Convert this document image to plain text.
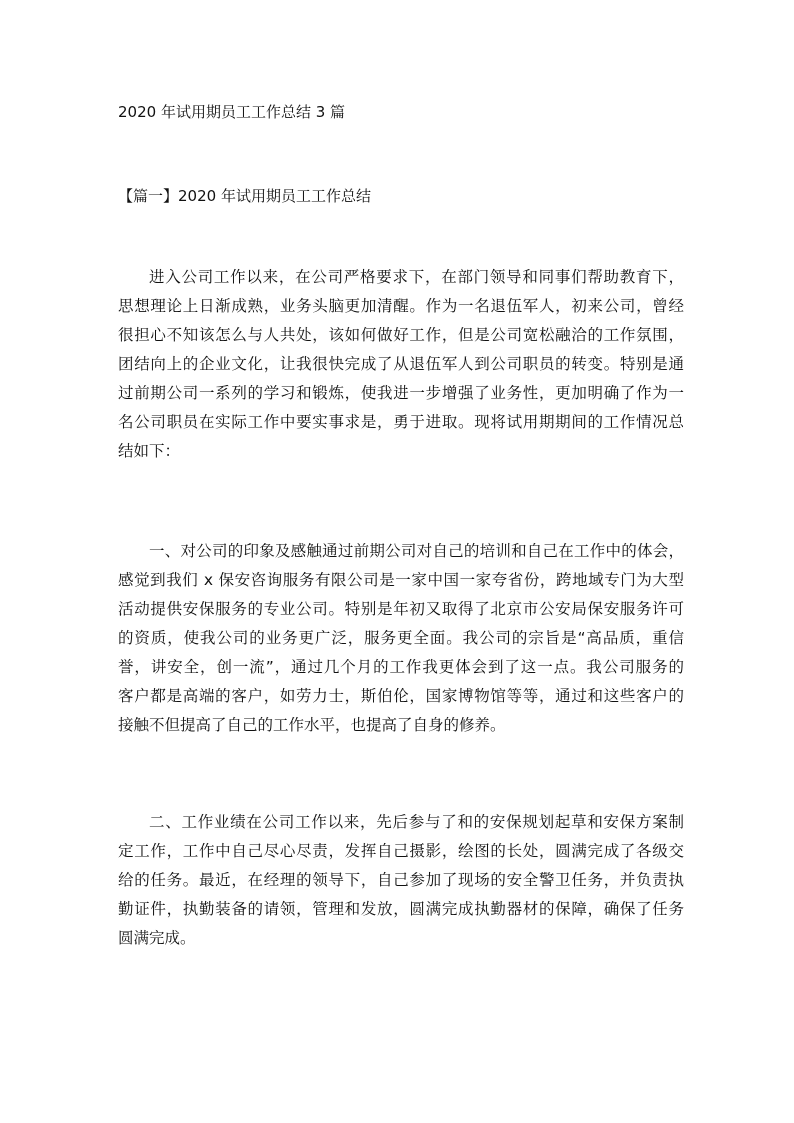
2020 年试用期员工工作总结 3 篇
【篇一】2020 年试用期员工工作总结
进入公司工作以来，在公司严格要求下，在部门领导和同事们帮助教育下，
思想理论上日渐成熟，业务头脑更加清醒。作为一名退伍军人，初来公司，曾经
很担心不知该怎么与人共处，该如何做好工作，但是公司宽松融洽的工作氛围，
团结向上的企业文化，让我很快完成了从退伍军人到公司职员的转变。特别是通
过前期公司一系列的学习和锻炼，使我进一步增强了业务性，更加明确了作为一
名公司职员在实际工作中要实事求是，勇于进取。现将试用期期间的工作情况总
结如下：
一、对公司的印象及感触通过前期公司对自己的培训和自己在工作中的体会，
感觉到我们 x 保安咨询服务有限公司是一家中国一家夸省份，跨地域专门为大型
活动提供安保服务的专业公司。特别是年初又取得了北京市公安局保安服务许可
的资质，使我公司的业务更广泛，服务更全面。我公司的宗旨是“高品质，重信
誉，讲安全，创一流”，通过几个月的工作我更体会到了这一点。我公司服务的
客户都是高端的客户，如劳力士，斯伯伦，国家博物馆等等，通过和这些客户的
接触不但提高了自己的工作水平，也提高了自身的修养。
二、工作业绩在公司工作以来，先后参与了和的安保规划起草和安保方案制
定工作，工作中自己尽心尽责，发挥自己摄影，绘图的长处，圆满完成了各级交
给的任务。最近，在经理的领导下，自己参加了现场的安全警卫任务，并负责执
勤证件，执勤装备的请领，管理和发放，圆满完成执勤器材的保障，确保了任务
圆满完成。
